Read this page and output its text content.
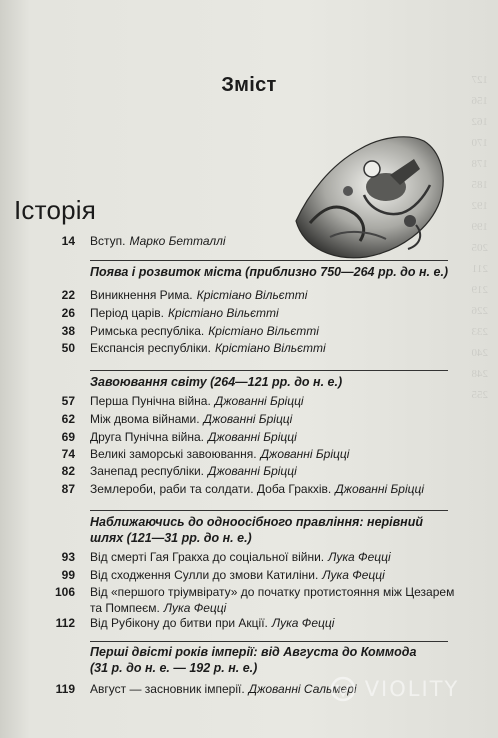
127
156
162
170
178
185
192
199
205
211
219
226
233
240
248
255
Зміст
Історія
14 Вступ. Марко Бетталлі
Поява і розвиток міста (приблизно 750—264 рр. до н. е.)
22 Виникнення Рима. Крістіано Вільєтті
26 Період царів. Крістіано Вільєтті
38 Римська республіка. Крістіано Вільєтті
50 Експансія республіки. Крістіано Вільєтті
Завоювання світу (264—121 рр. до н. е.)
57 Перша Пунічна війна. Джованні Бріцці
62 Між двома війнами. Джованні Бріцці
69 Друга Пунічна війна. Джованні Бріцці
74 Великі заморські завоювання. Джованні Бріцці
82 Занепад республіки. Джованні Бріцці
87 Землероби, раби та солдати. Доба Гракхів. Джованні Бріцці
Наближаючись до одноосібного правління: нерівний
шлях (121—31 рр. до н. е.)
93 Від смерті Гая Гракха до соціальної війни. Лука Феццi
99 Від сходження Сулли до змови Катиліни. Лука Феццi
106 Від «першого тріумвірату» до початку протистояння між Цезарем
та Помпеєм. Лука Феццi
112 Від Рубікону до битви при Акції. Лука Феццi
Перші двісті років імперії: від Августа до Коммода
(31 р. до н. е. — 192 р. н. е.)
119 Август — засновник імперії. Джованні Сальмері VIOLITY
